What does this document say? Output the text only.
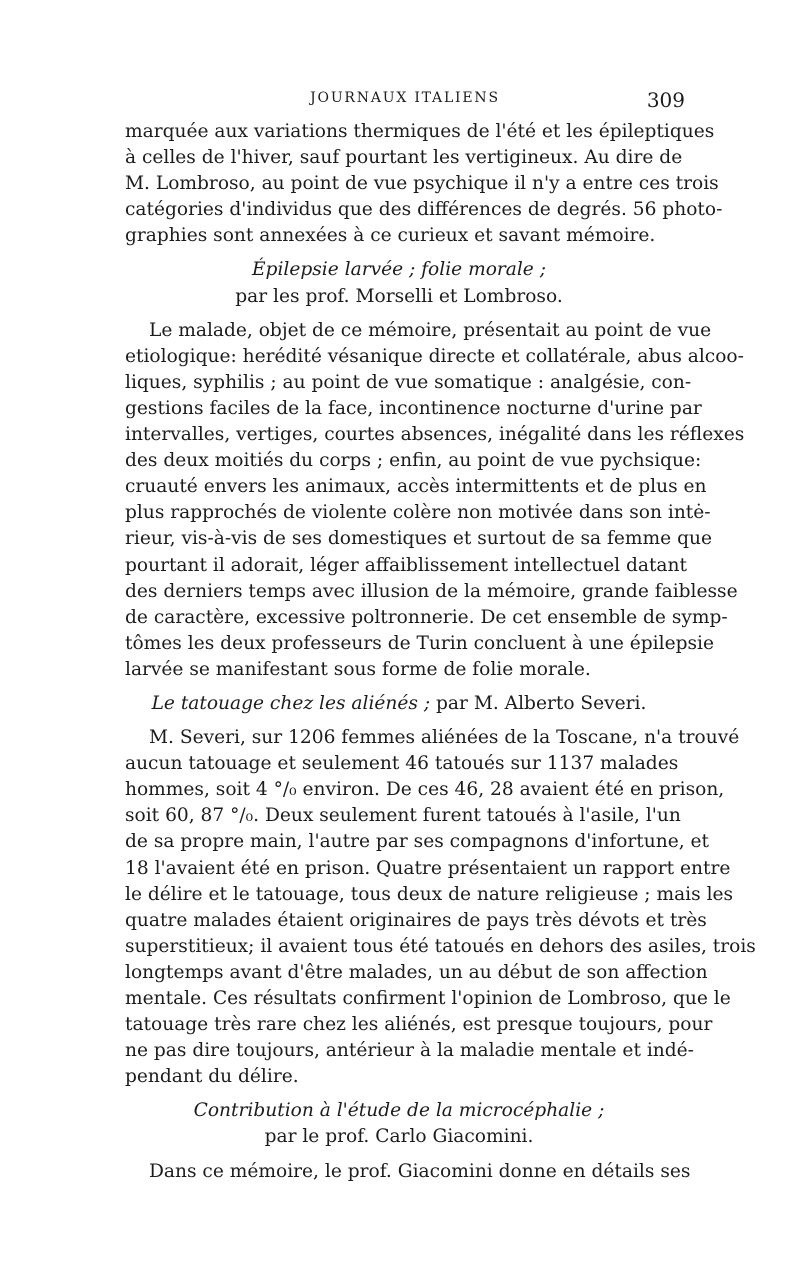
JOURNAUX ITALIENS	309
marquée aux variations thermiques de l'été et les épileptiques
à celles de l'hiver, sauf pourtant les vertigineux. Au dire de
M. Lombroso, au point de vue psychique il n'y a entre ces trois
catégories d'individus que des différences de degrés. 56 photo-
graphies sont annexées à ce curieux et savant mémoire.
Épilepsie larvée ; folie morale ;
par les prof. Morselli et Lombroso.
Le malade, objet de ce mémoire, présentait au point de vue
etiologique: herédité vésanique directe et collatérale, abus alcoo-
liques, syphilis ; au point de vue somatique : analgésie, con-
gestions faciles de la face, incontinence nocturne d'urine par
intervalles, vertiges, courtes absences, inégalité dans les réflexes
des deux moitiés du corps ; enfin, au point de vue pychsique:
cruauté envers les animaux, accès intermittents et de plus en
plus rapprochés de violente colère non motivée dans son intė-
rieur, vis-à-vis de ses domestiques et surtout de sa femme que
pourtant il adorait, léger affaiblissement intellectuel datant
des derniers temps avec illusion de la mémoire, grande faiblesse
de caractère, excessive poltronnerie. De cet ensemble de symp-
tômes les deux professeurs de Turin concluent à une épilepsie
larvée se manifestant sous forme de folie morale.
Le tatouage chez les aliénés ; par M. Alberto Severi.
M. Severi, sur 1206 femmes aliénées de la Toscane, n'a trouvé
aucun tatouage et seulement 46 tatoués sur 1137 malades
hommes, soit 4 °/₀ environ. De ces 46, 28 avaient été en prison,
soit 60, 87 °/₀. Deux seulement furent tatoués à l'asile, l'un
de sa propre main, l'autre par ses compagnons d'infortune, et
18 l'avaient été en prison. Quatre présentaient un rapport entre
le délire et le tatouage, tous deux de nature religieuse ; mais les
quatre malades étaient originaires de pays très dévots et très
superstitieux; il avaient tous été tatoués en dehors des asiles, trois
longtemps avant d'être malades, un au début de son affection
mentale. Ces résultats confirment l'opinion de Lombroso, que le
tatouage très rare chez les aliénés, est presque toujours, pour
ne pas dire toujours, antérieur à la maladie mentale et indé-
pendant du délire.
Contribution à l'étude de la microcéphalie ;
par le prof. Carlo Giacomini.
Dans ce mémoire, le prof. Giacomini donne en détails ses
